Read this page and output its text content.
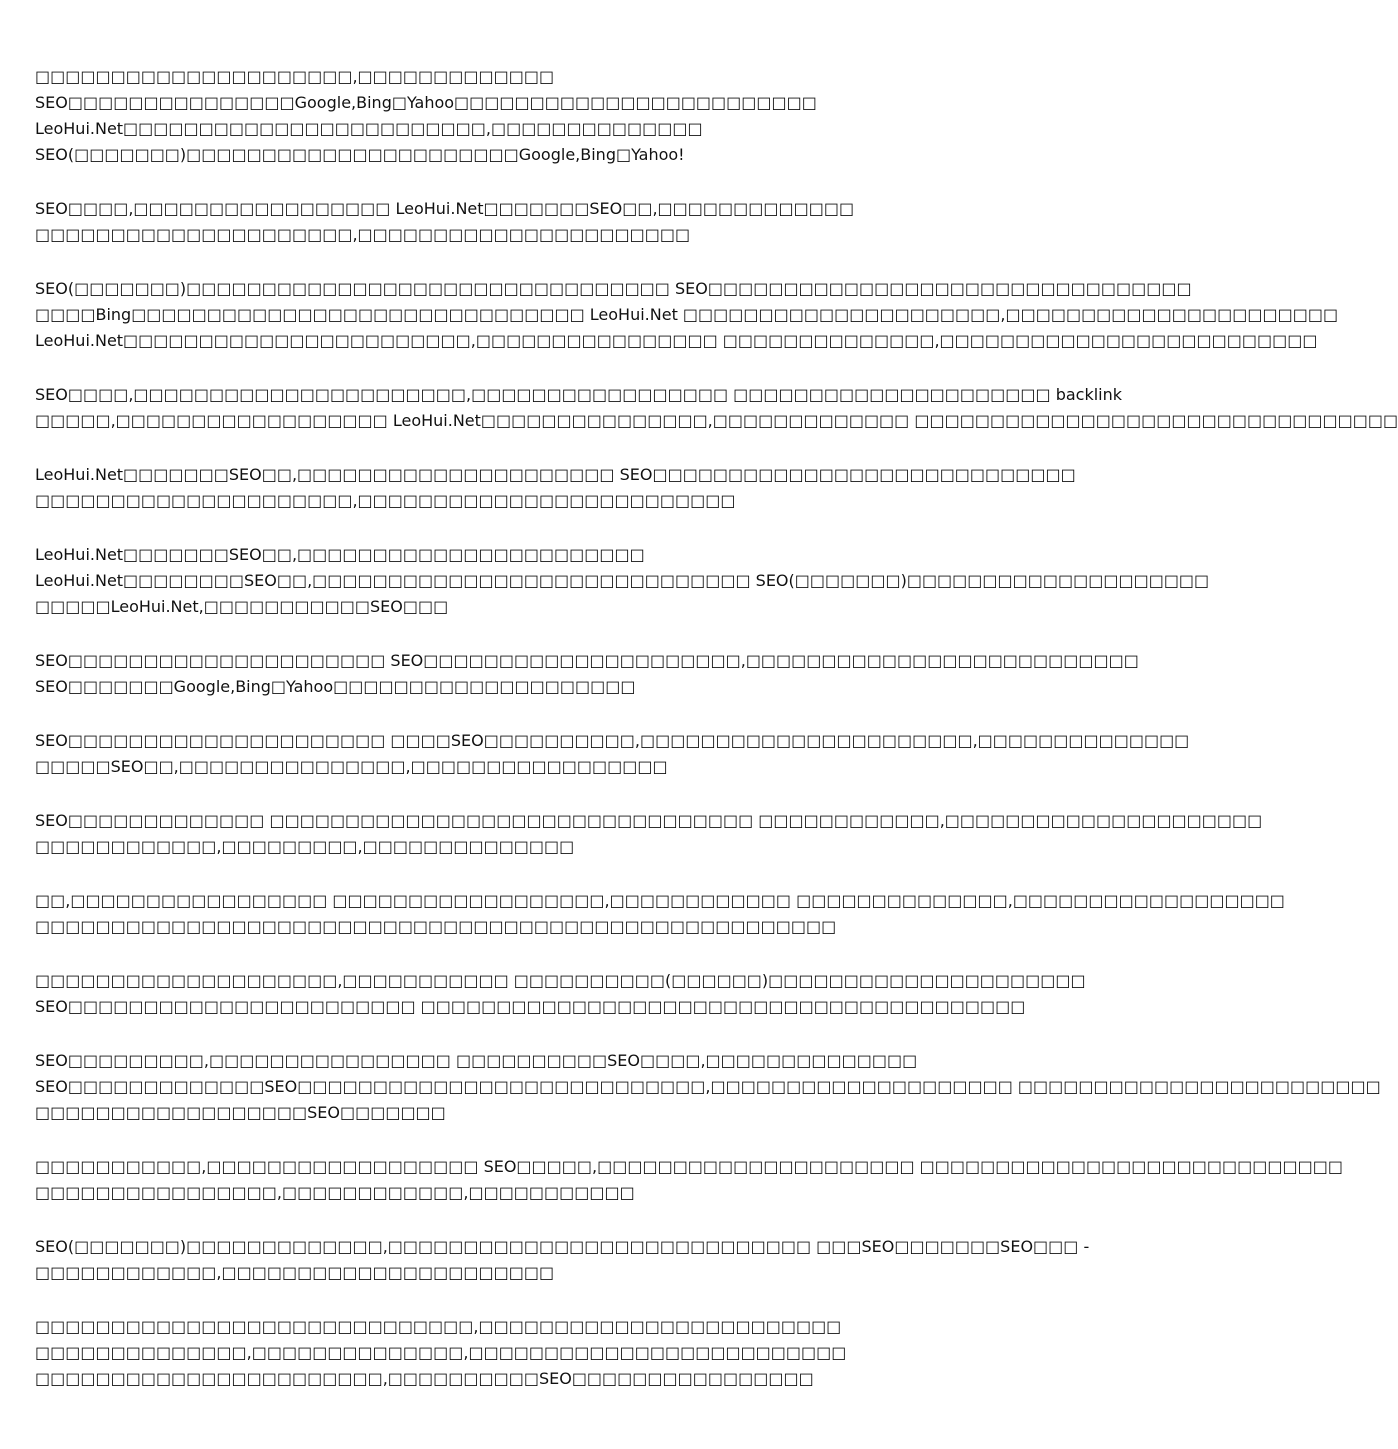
□□□□□□□□□□□□□□□□□□□□□,□□□□□□□□□□□□□
SEO□□□□□□□□□□□□□□□Google,Bing□Yahoo□□□□□□□□□□□□□□□□□□□□□□□□
LeoHui.Net□□□□□□□□□□□□□□□□□□□□□□□□,□□□□□□□□□□□□□□
SEO(□□□□□□□)□□□□□□□□□□□□□□□□□□□□□□Google,Bing□Yahoo!

SEO□□□□,□□□□□□□□□□□□□□□□□ LeoHui.Net□□□□□□□SEO□□,□□□□□□□□□□□□□
□□□□□□□□□□□□□□□□□□□□□,□□□□□□□□□□□□□□□□□□□□□□

SEO(□□□□□□□)□□□□□□□□□□□□□□□□□□□□□□□□□□□□□□□□ SEO□□□□□□□□□□□□□□□□□□□□□□□□□□□□□□□□
□□□□Bing□□□□□□□□□□□□□□□□□□□□□□□□□□□□□□ LeoHui.Net □□□□□□□□□□□□□□□□□□□□□,□□□□□□□□□□□□□□□□□□□□□□
LeoHui.Net□□□□□□□□□□□□□□□□□□□□□□□,□□□□□□□□□□□□□□□□ □□□□□□□□□□□□□□,□□□□□□□□□□□□□□□□□□□□□□□□□

SEO□□□□,□□□□□□□□□□□□□□□□□□□□□□,□□□□□□□□□□□□□□□□□ □□□□□□□□□□□□□□□□□□□□□ backlink
□□□□□,□□□□□□□□□□□□□□□□□□ LeoHui.Net□□□□□□□□□□□□□□□,□□□□□□□□□□□□□ □□□□□□□□□□□□□□□□□□□□□□□□□□□□□□□□

LeoHui.Net□□□□□□□SEO□□,□□□□□□□□□□□□□□□□□□□□□ SEO□□□□□□□□□□□□□□□□□□□□□□□□□□□□
□□□□□□□□□□□□□□□□□□□□□,□□□□□□□□□□□□□□□□□□□□□□□□□

LeoHui.Net□□□□□□□SEO□□,□□□□□□□□□□□□□□□□□□□□□□□
LeoHui.Net□□□□□□□□SEO□□,□□□□□□□□□□□□□□□□□□□□□□□□□□□□□ SEO(□□□□□□□)□□□□□□□□□□□□□□□□□□□□
□□□□□LeoHui.Net,□□□□□□□□□□□SEO□□□

SEO□□□□□□□□□□□□□□□□□□□□□ SEO□□□□□□□□□□□□□□□□□□□□□,□□□□□□□□□□□□□□□□□□□□□□□□□□
SEO□□□□□□□Google,Bing□Yahoo□□□□□□□□□□□□□□□□□□□□

SEO□□□□□□□□□□□□□□□□□□□□□ □□□□SEO□□□□□□□□□□,□□□□□□□□□□□□□□□□□□□□□□,□□□□□□□□□□□□□□
□□□□□SEO□□,□□□□□□□□□□□□□□□,□□□□□□□□□□□□□□□□□

SEO□□□□□□□□□□□□□ □□□□□□□□□□□□□□□□□□□□□□□□□□□□□□□□ □□□□□□□□□□□□,□□□□□□□□□□□□□□□□□□□□□
□□□□□□□□□□□□,□□□□□□□□□,□□□□□□□□□□□□□□

□□,□□□□□□□□□□□□□□□□□ □□□□□□□□□□□□□□□□□□,□□□□□□□□□□□□ □□□□□□□□□□□□□□,□□□□□□□□□□□□□□□□□□
□□□□□□□□□□□□□□□□□□□□□□□□□□□□□□□□□□□□□□□□□□□□□□□□□□□□□

□□□□□□□□□□□□□□□□□□□□,□□□□□□□□□□□ □□□□□□□□□□(□□□□□□)□□□□□□□□□□□□□□□□□□□□□
SEO□□□□□□□□□□□□□□□□□□□□□□□ □□□□□□□□□□□□□□□□□□□□□□□□□□□□□□□□□□□□□□□□

SEO□□□□□□□□□,□□□□□□□□□□□□□□□□ □□□□□□□□□□SEO□□□□,□□□□□□□□□□□□□□
SEO□□□□□□□□□□□□□SEO□□□□□□□□□□□□□□□□□□□□□□□□□□□,□□□□□□□□□□□□□□□□□□□□ □□□□□□□□□□□□□□□□□□□□□□□□
□□□□□□□□□□□□□□□□□□SEO□□□□□□□

□□□□□□□□□□□,□□□□□□□□□□□□□□□□□□ SEO□□□□□,□□□□□□□□□□□□□□□□□□□□□ □□□□□□□□□□□□□□□□□□□□□□□□□□□□
□□□□□□□□□□□□□□□□,□□□□□□□□□□□□,□□□□□□□□□□□

SEO(□□□□□□□)□□□□□□□□□□□□□,□□□□□□□□□□□□□□□□□□□□□□□□□□□□ □□□SEO□□□□□□□SEO□□□ -
□□□□□□□□□□□□,□□□□□□□□□□□□□□□□□□□□□□

□□□□□□□□□□□□□□□□□□□□□□□□□□□□□,□□□□□□□□□□□□□□□□□□□□□□□□
□□□□□□□□□□□□□□,□□□□□□□□□□□□□□,□□□□□□□□□□□□□□□□□□□□□□□□□
□□□□□□□□□□□□□□□□□□□□□□□,□□□□□□□□□□SEO□□□□□□□□□□□□□□□□
